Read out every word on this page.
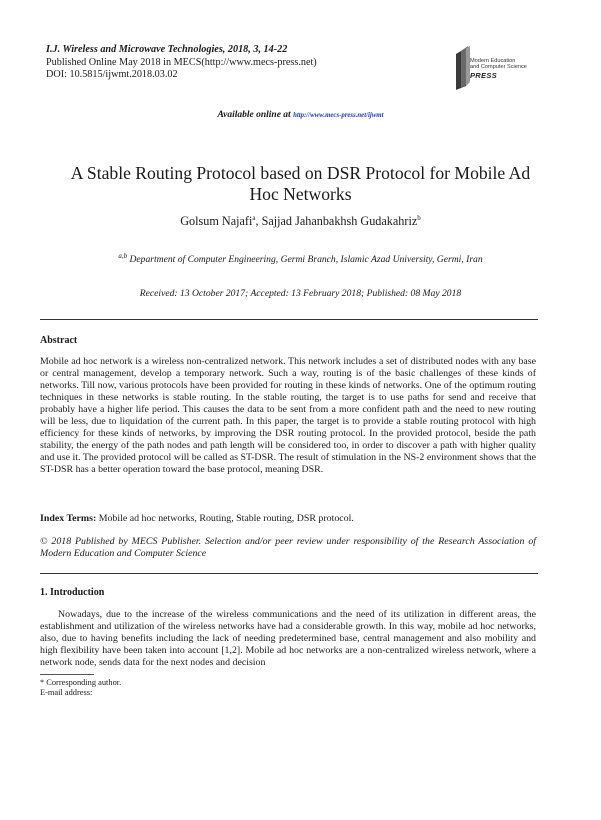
I.J. Wireless and Microwave Technologies, 2018, 3, 14-22
Published Online May 2018 in MECS(http://www.mecs-press.net)
DOI: 10.5815/ijwmt.2018.03.02
Modern Education
and Computer Science
PRESS
Available online at http://www.mecs-press.net/ijwmt
A Stable Routing Protocol based on DSR Protocol for Mobile Ad
Hoc Networks
Golsum Najafi$^a$, Sajjad Jahanbakhsh Gudakahriz$^b$
$^{a,b}$ Department of Computer Engineering, Germi Branch, Islamic Azad University, Germi, Iran
Received: 13 October 2017; Accepted: 13 February 2018; Published: 08 May 2018
Abstract
Mobile ad hoc network is a wireless non-centralized network. This network includes a set of distributed nodes with any base or central management, develop a temporary network. Such a way, routing is of the basic challenges of these kinds of networks. Till now, various protocols have been provided for routing in these kinds of networks. One of the optimum routing techniques in these networks is stable routing. In the stable routing, the target is to use paths for send and receive that probably have a higher life period. This causes the data to be sent from a more confident path and the need to new routing will be less, due to liquidation of the current path. In this paper, the target is to provide a stable routing protocol with high efficiency for these kinds of networks, by improving the DSR routing protocol. In the provided protocol, beside the path stability, the energy of the path nodes and path length will be considered too, in order to discover a path with higher quality and use it. The provided protocol will be called as ST-DSR. The result of stimulation in the NS-2 environment shows that the ST-DSR has a better operation toward the base protocol, meaning DSR.
Index Terms: Mobile ad hoc networks, Routing, Stable routing, DSR protocol.
© 2018 Published by MECS Publisher. Selection and/or peer review under responsibility of the Research Association of Modern Education and Computer Science
1. Introduction
Nowadays, due to the increase of the wireless communications and the need of its utilization in different areas, the establishment and utilization of the wireless networks have had a considerable growth. In this way, mobile ad hoc networks, also, due to having benefits including the lack of needing predetermined base, central management and also mobility and high flexibility have been taken into account [1,2]. Mobile ad hoc networks are a non-centralized wireless network, where a network node, sends data for the next nodes and decision
* Corresponding author.
E-mail address:
